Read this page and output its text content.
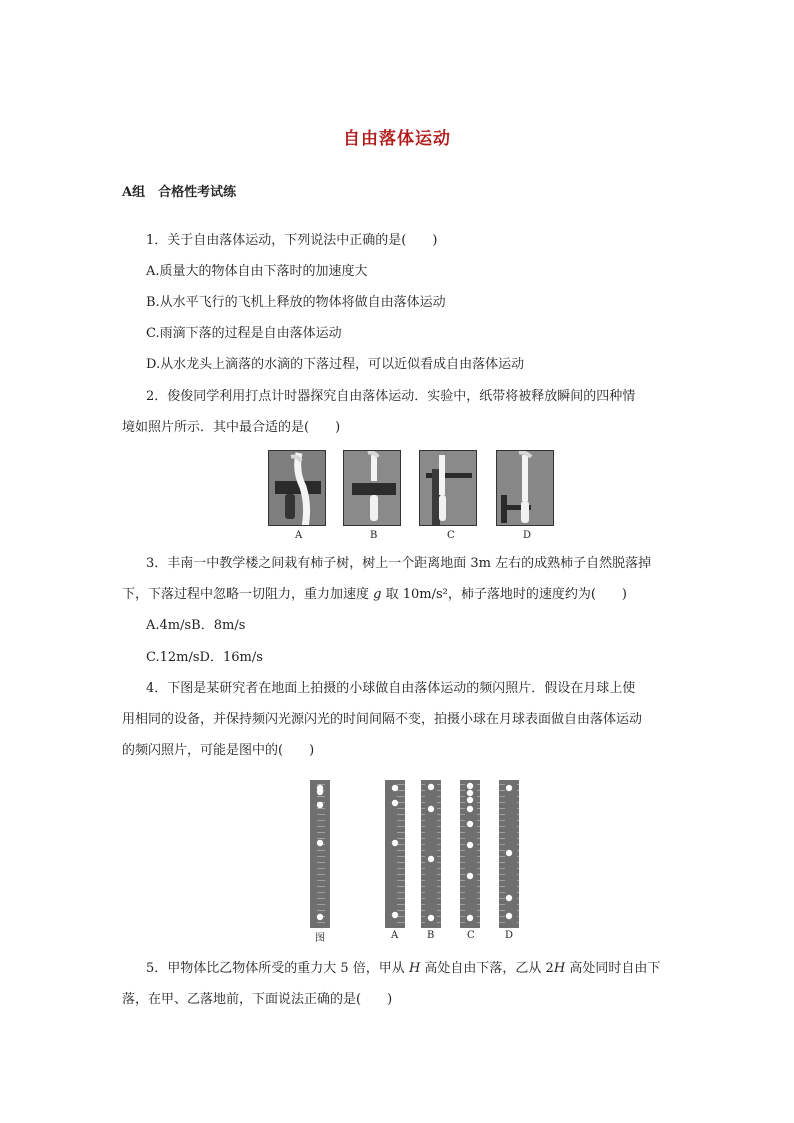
自由落体运动
A组　合格性考试练
1．关于自由落体运动，下列说法中正确的是(　　)
A.质量大的物体自由下落时的加速度大
B.从水平飞行的飞机上释放的物体将做自由落体运动
C.雨滴下落的过程是自由落体运动
D.从水龙头上滴落的水滴的下落过程，可以近似看成自由落体运动
2．俊俊同学利用打点计时器探究自由落体运动．实验中，纸带将被释放瞬间的四种情
境如照片所示．其中最合适的是(　　)
A	B	C	D
3．丰南一中教学楼之间栽有柿子树，树上一个距离地面 3m 左右的成熟柿子自然脱落掉
下，下落过程中忽略一切阻力，重力加速度 g 取 10m/s²，柿子落地时的速度约为(　　)
A.4m/sB．8m/s
C.12m/sD．16m/s
4．下图是某研究者在地面上拍摄的小球做自由落体运动的频闪照片．假设在月球上使
用相同的设备，并保持频闪光源闪光的时间间隔不变，拍摄小球在月球表面做自由落体运动
的频闪照片，可能是图中的(　　)
图	A	B	C	D
5．甲物体比乙物体所受的重力大 5 倍，甲从 H 高处自由下落，乙从 2H 高处同时自由下
落，在甲、乙落地前，下面说法正确的是(　　)
